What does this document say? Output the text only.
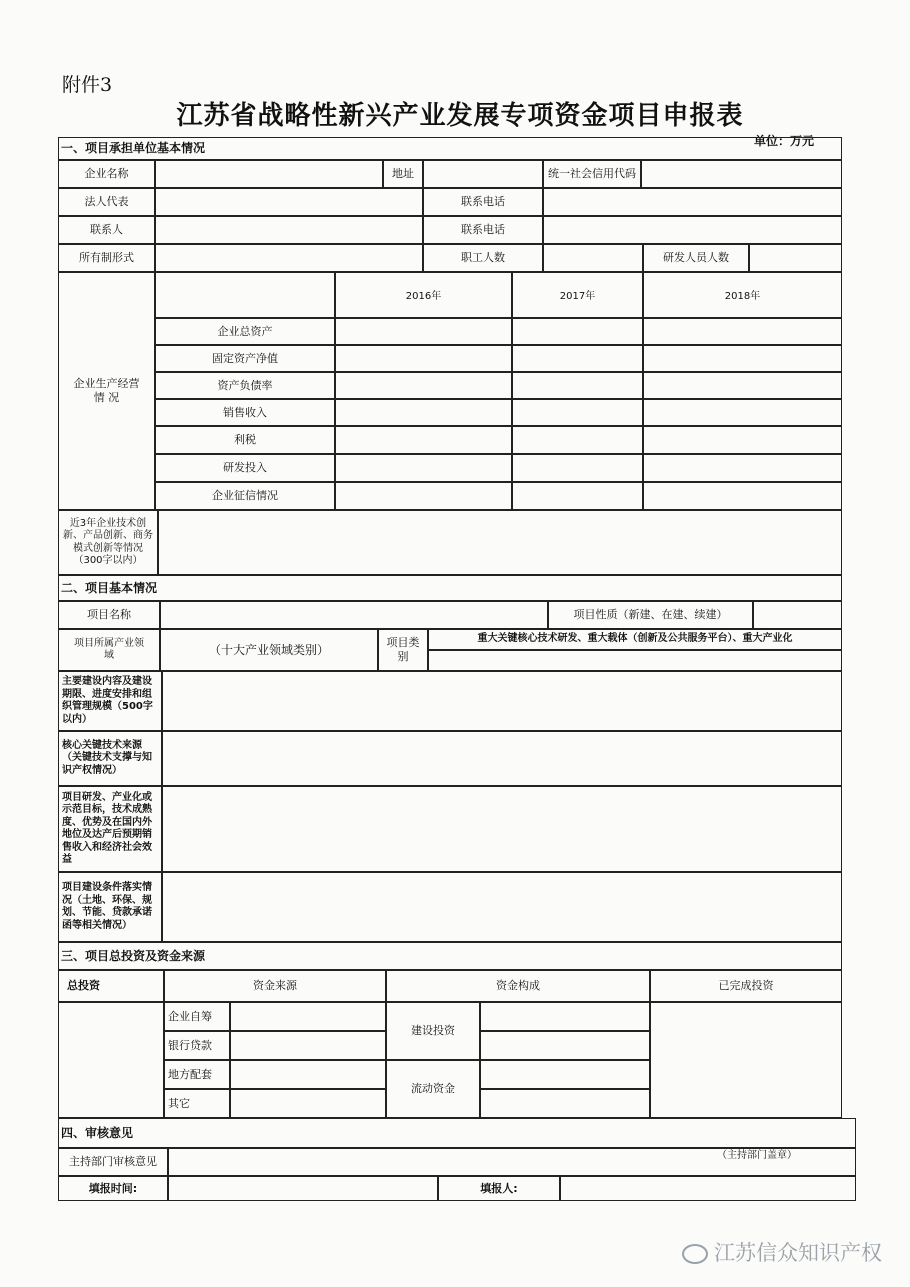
附件3
江苏省战略性新兴产业发展专项资金项目申报表
单位：万元
一、项目承担单位基本情况
企业名称	地址	统一社会信用代码
法人代表	联系电话
联系人	联系电话
所有制形式	职工人数	研发人员人数
企业生产经营情 况
2016年	2017年	2018年
企业总资产
固定资产净值
资产负债率
销售收入
利税
研发投入
企业征信情况
近3年企业技术创新、产品创新、商务模式创新等情况（300字以内）
二、项目基本情况
项目名称	项目性质（新建、在建、续建）
项目所属产业领域	（十大产业领域类别）	项目类别
重大关键核心技术研发、重大载体（创新及公共服务平台）、重大产业化
主要建设内容及建设期限、进度安排和组织管理规模（500字以内）
核心关键技术来源（关键技术支撑与知识产权情况）
项目研发、产业化或示范目标，技术成熟度、优势及在国内外地位及达产后预期销售收入和经济社会效益
项目建设条件落实情况（土地、环保、规划、节能、贷款承诺函等相关情况）
三、项目总投资及资金来源
总投资	资金来源	资金构成	已完成投资
企业自筹
银行贷款
地方配套
其它
建设投资
流动资金
四、审核意见
主持部门审核意见	（主持部门盖章）
填报时间:	填报人:
江苏信众知识产权
